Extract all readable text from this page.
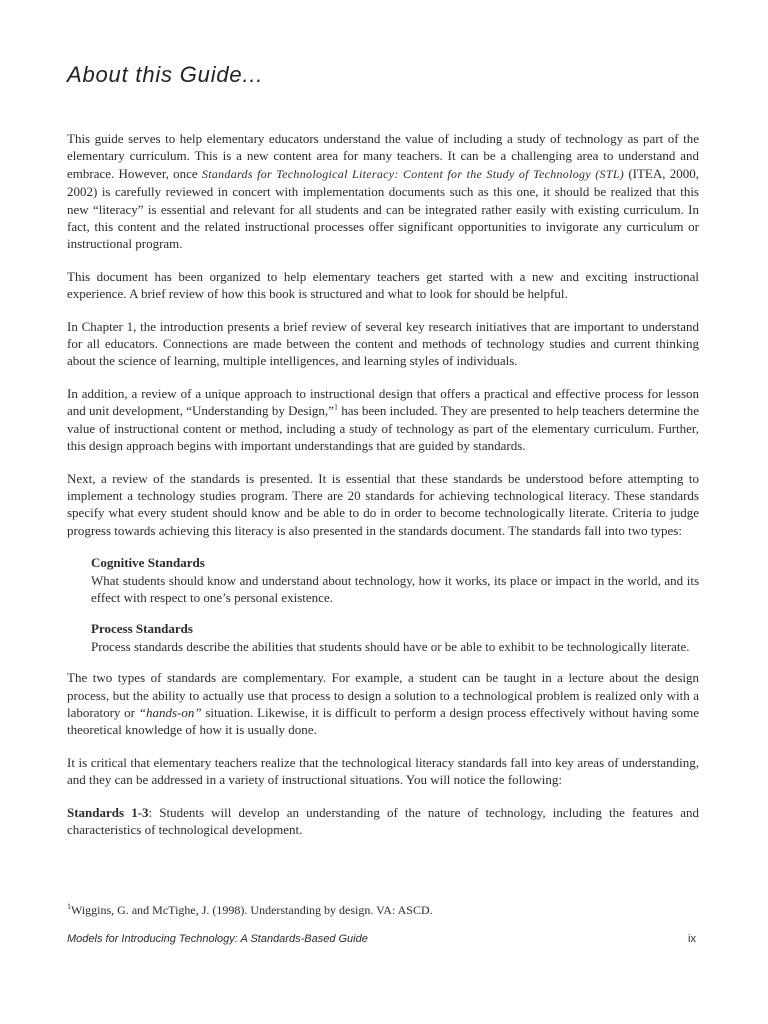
About this Guide...

This guide serves to help elementary educators understand the value of including a study of technology as part of the elementary curriculum. This is a new content area for many teachers. It can be a challenging area to understand and embrace. However, once Standards for Technological Literacy: Content for the Study of Technology (STL) (ITEA, 2000, 2002) is carefully reviewed in concert with implementation documents such as this one, it should be realized that this new “literacy” is essential and relevant for all students and can be integrated rather easily with existing curriculum. In fact, this content and the related instructional processes offer significant opportunities to invigorate any curriculum or instructional program.

This document has been organized to help elementary teachers get started with a new and exciting instructional experience. A brief review of how this book is structured and what to look for should be helpful.

In Chapter 1, the introduction presents a brief review of several key research initiatives that are important to understand for all educators. Connections are made between the content and methods of technology studies and current thinking about the science of learning, multiple intelligences, and learning styles of individuals.

In addition, a review of a unique approach to instructional design that offers a practical and effective process for lesson and unit development, “Understanding by Design,”$^1$ has been included. They are presented to help teachers determine the value of instructional content or method, including a study of technology as part of the elementary curriculum. Further, this design approach begins with important understandings that are guided by standards.

Next, a review of the standards is presented. It is essential that these standards be understood before attempting to implement a technology studies program. There are 20 standards for achieving technological literacy. These standards specify what every student should know and be able to do in order to become technologically literate. Criteria to judge progress towards achieving this literacy is also presented in the standards document. The standards fall into two types:

Cognitive Standards
What students should know and understand about technology, how it works, its place or impact in the world, and its effect with respect to one’s personal existence.
Process Standards
Process standards describe the abilities that students should have or be able to exhibit to be technologically literate.

The two types of standards are complementary. For example, a student can be taught in a lecture about the design process, but the ability to actually use that process to design a solution to a technological problem is realized only with a laboratory or “hands-on” situation. Likewise, it is difficult to perform a design process effectively without having some theoretical knowledge of how it is usually done.

It is critical that elementary teachers realize that the technological literacy standards fall into key areas of understanding, and they can be addressed in a variety of instructional situations. You will notice the following:

Standards 1-3: Students will develop an understanding of the nature of technology, including the features and characteristics of technological development.

$^1$Wiggins, G. and McTighe, J. (1998). Understanding by design. VA: ASCD.
Models for Introducing Technology: A Standards-Based Guide	ix
